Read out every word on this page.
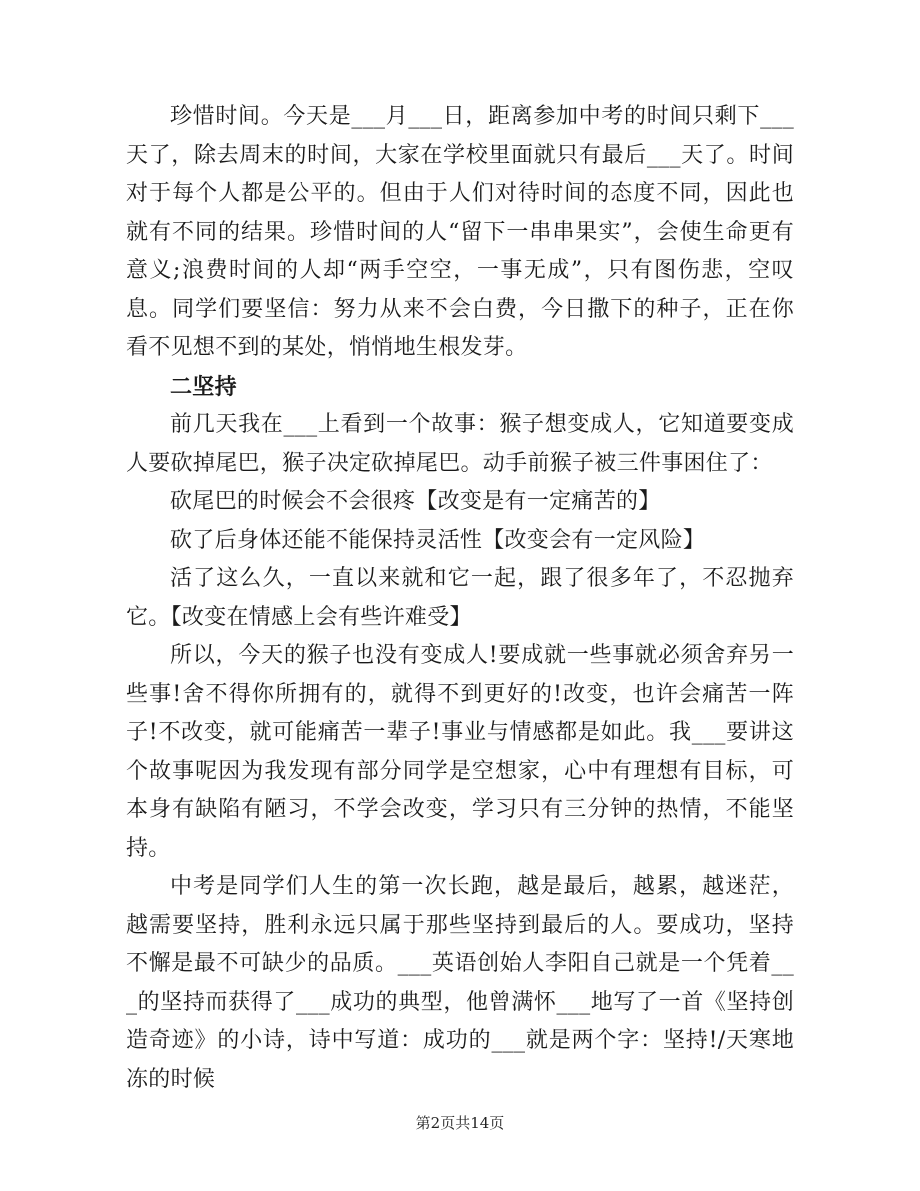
珍惜时间。今天是___月___日，距离参加中考的时间只剩下___天了，除去周末的时间，大家在学校里面就只有最后___天了。时间对于每个人都是公平的。但由于人们对待时间的态度不同，因此也就有不同的结果。珍惜时间的人“留下一串串果实”，会使生命更有意义;浪费时间的人却“两手空空，一事无成”，只有图伤悲，空叹息。同学们要坚信：努力从来不会白费，今日撒下的种子，正在你看不见想不到的某处，悄悄地生根发芽。

二坚持

前几天我在___上看到一个故事：猴子想变成人，它知道要变成人要砍掉尾巴，猴子决定砍掉尾巴。动手前猴子被三件事困住了：

砍尾巴的时候会不会很疼【改变是有一定痛苦的】

砍了后身体还能不能保持灵活性【改变会有一定风险】

活了这么久，一直以来就和它一起，跟了很多年了，不忍抛弃它。【改变在情感上会有些许难受】

所以，今天的猴子也没有变成人!要成就一些事就必须舍弃另一些事!舍不得你所拥有的，就得不到更好的!改变，也许会痛苦一阵子!不改变，就可能痛苦一辈子!事业与情感都是如此。我___要讲这个故事呢因为我发现有部分同学是空想家，心中有理想有目标，可本身有缺陷有陋习，不学会改变，学习只有三分钟的热情，不能坚持。

中考是同学们人生的第一次长跑，越是最后，越累，越迷茫，越需要坚持，胜利永远只属于那些坚持到最后的人。要成功，坚持不懈是最不可缺少的品质。___英语创始人李阳自己就是一个凭着___的坚持而获得了___成功的典型，他曾满怀___地写了一首《坚持创造奇迹》的小诗，诗中写道：成功的___就是两个字：坚持!/天寒地冻的时候

第2页共14页
